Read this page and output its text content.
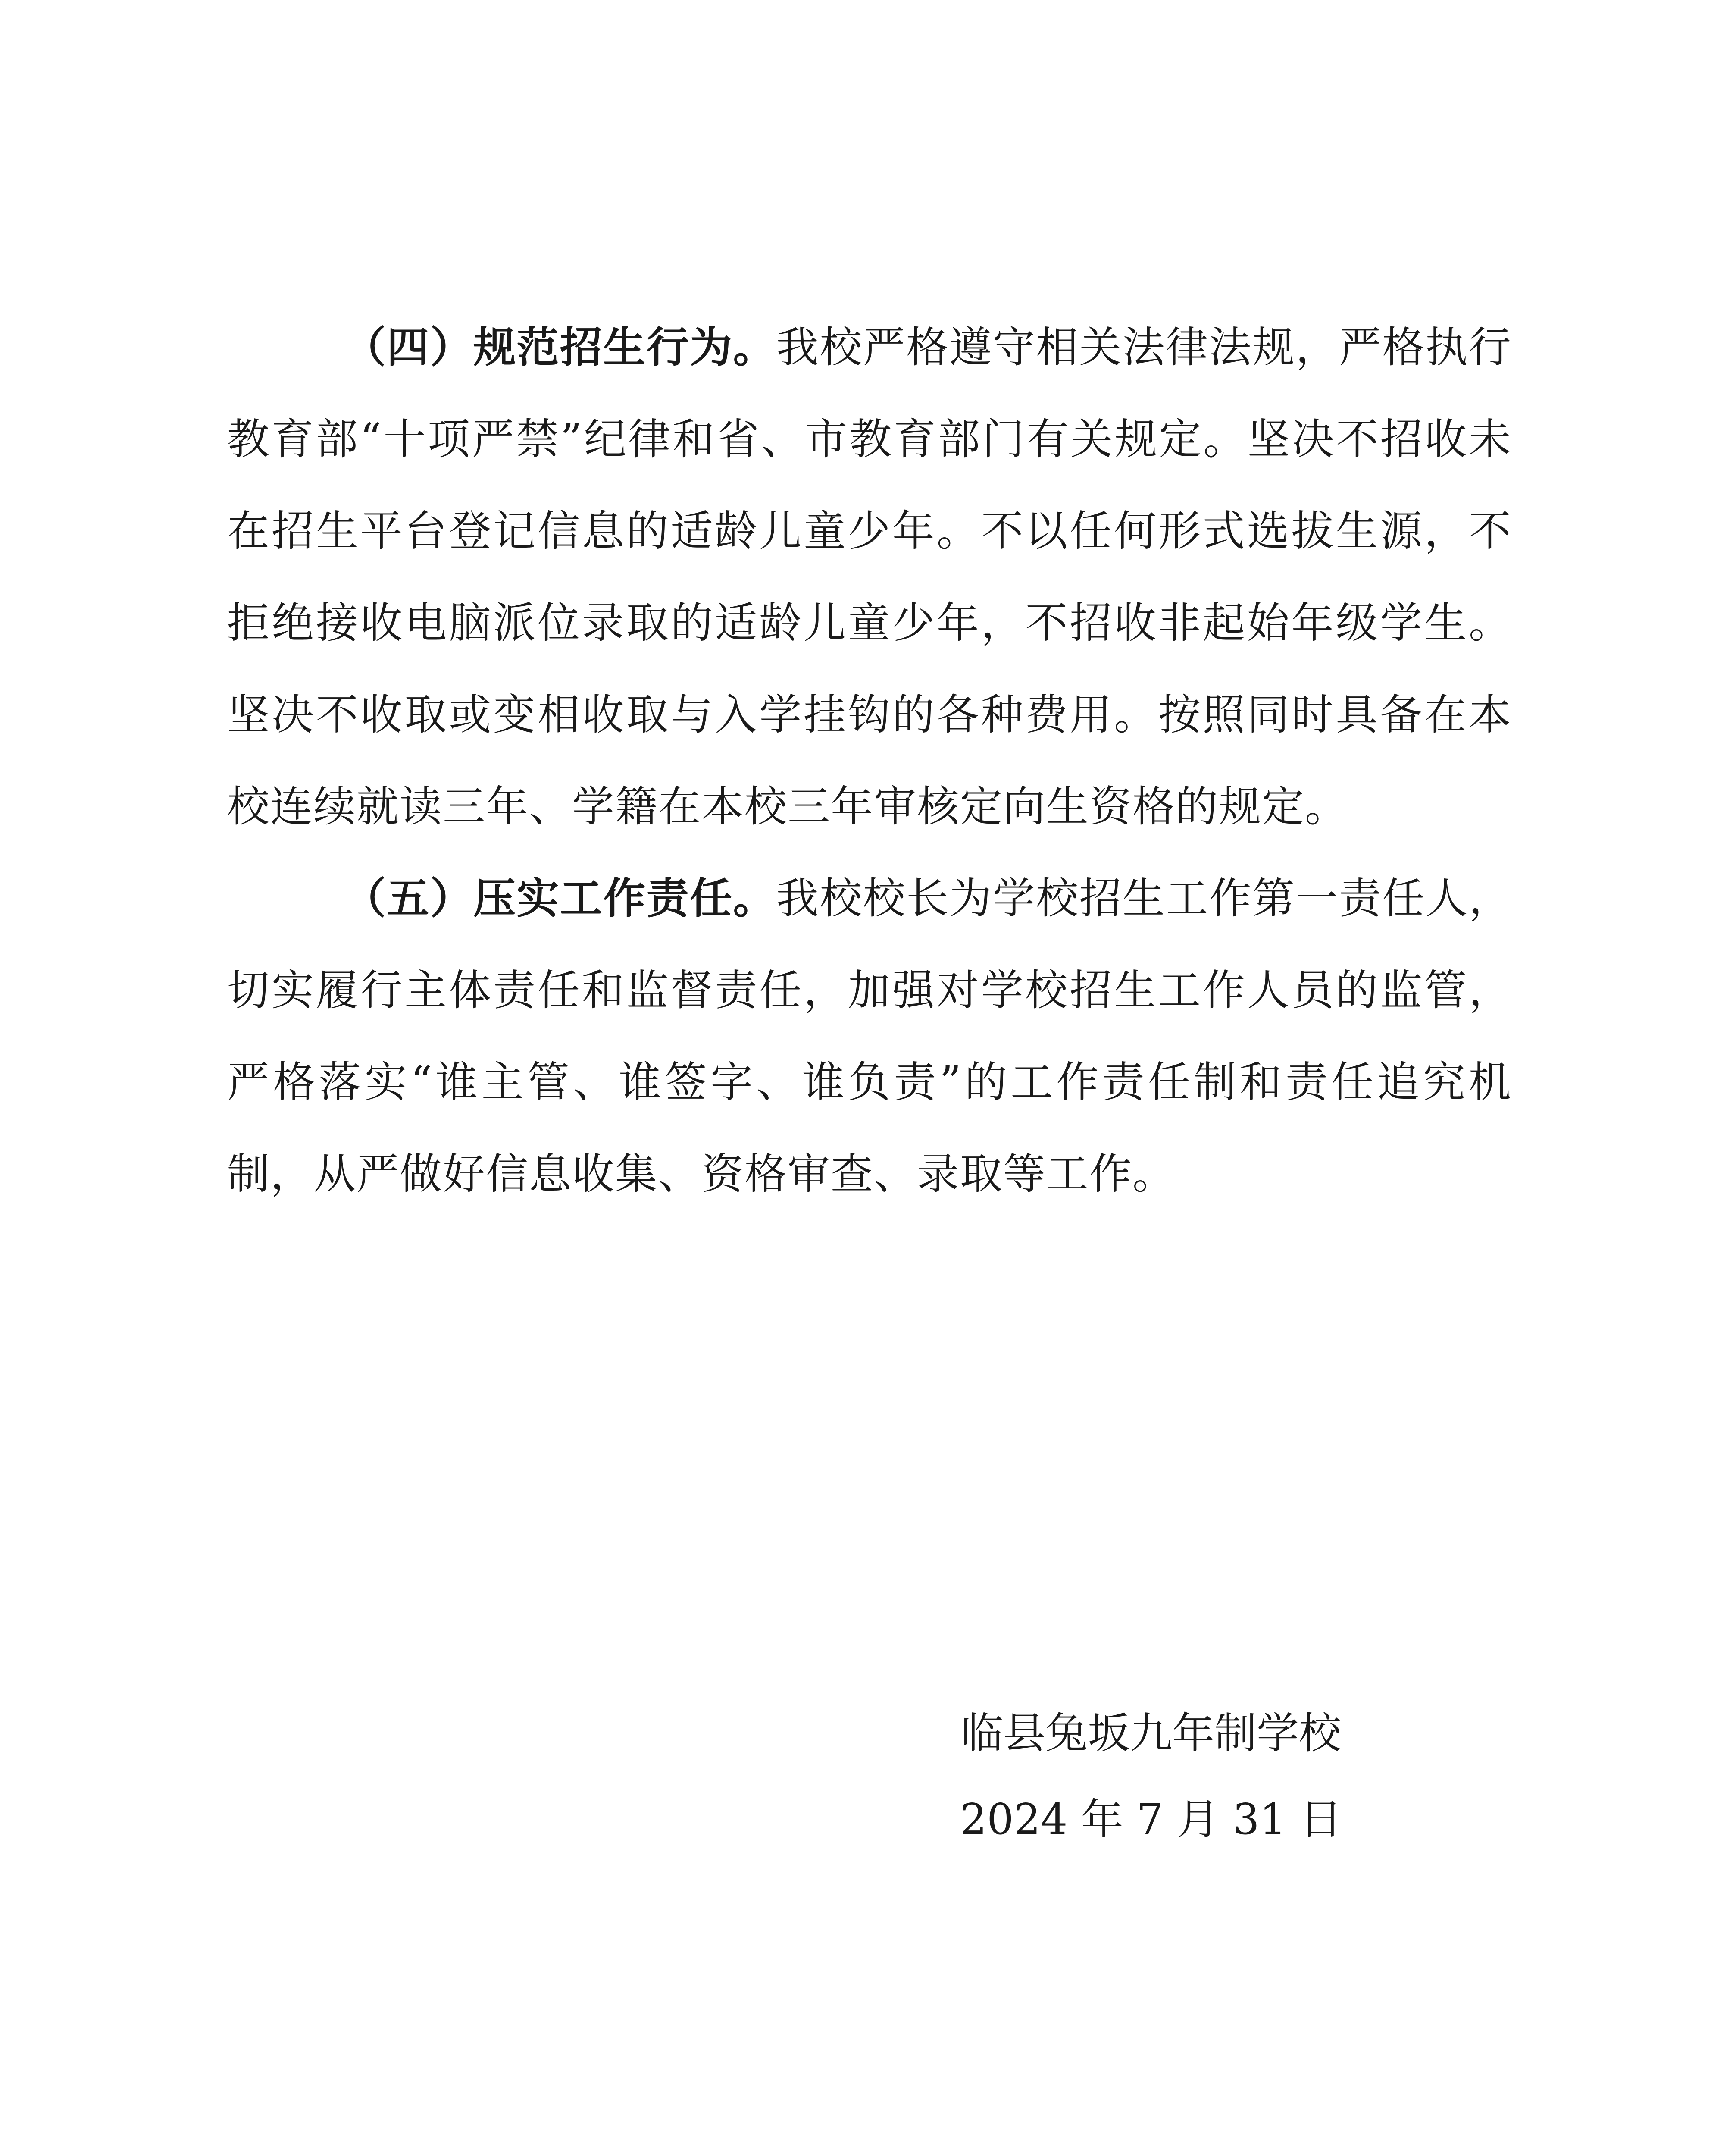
（四）规范招生行为。我校严格遵守相关法律法规，严格执行教育部“十项严禁”纪律和省、市教育部门有关规定。坚决不招收未在招生平台登记信息的适龄儿童少年。不以任何形式选拔生源，不拒绝接收电脑派位录取的适龄儿童少年，不招收非起始年级学生。坚决不收取或变相收取与入学挂钩的各种费用。按照同时具备在本校连续就读三年、学籍在本校三年审核定向生资格的规定。

（五）压实工作责任。我校校长为学校招生工作第一责任人，切实履行主体责任和监督责任，加强对学校招生工作人员的监管，严格落实“谁主管、谁签字、谁负责”的工作责任制和责任追究机制，从严做好信息收集、资格审查、录取等工作。

临县兔坂九年制学校
2024 年 7 月 31 日
